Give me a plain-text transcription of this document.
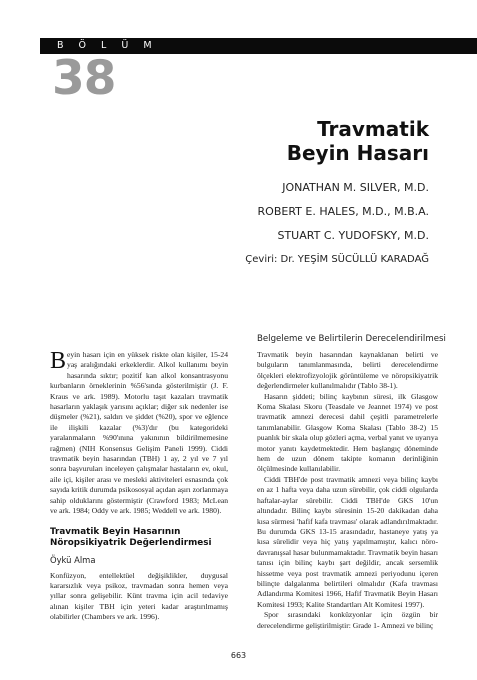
B Ö L Ü M
38
Travmatik
Beyin Hasarı
JONATHAN M. SILVER, M.D.
ROBERT E. HALES, M.D., M.B.A.
STUART C. YUDOFSKY, M.D.
Çeviri: Dr. YEŞİM SÜCÜLLÜ KARADAĞ

Beyin hasarı için en yüksek riskte olan kişiler, 15-24 yaş aralığındaki erkeklerdir. Alkol kullanımı beyin hasarında sıktır; pozitif kan alkol konsantrasyonu kurbanların örneklerinin %56'sında gösterilmiştir (J. F. Kraus ve ark. 1989). Motorlu taşıt kazaları travmatik hasarların yaklaşık yarısını açıklar; diğer sık nedenler ise düşmeler (%21), saldırı ve şiddet (%20), spor ve eğlence ile ilişkili kazalar (%3)'dır (bu kategorideki yaralanmaların %90'ınına yakınının bildirilmemesine rağmen) (NIH Konsensus Gelişim Paneli 1999). Ciddi travmatik beyin hasarından (TBH) 1 ay, 2 yıl ve 7 yıl sonra başvuruları inceleyen çalışmalar hastaların ev, okul, aile içi, kişiler arası ve mesleki aktiviteleri esnasında çok sayıda kritik durumda psikososyal açıdan aşırı zorlanmaya sahip olduklarını göstermiştir (Crawford 1983; McLean ve ark. 1984; Oddy ve ark. 1985; Weddell ve ark. 1980).

Travmatik Beyin Hasarının Nöropsikiyatrik Değerlendirmesi
Öykü Alma

Konfüzyon, entellektüel değişiklikler, duygusal kararsızlık veya psikoz, travmadan sonra hemen veya yıllar sonra gelişebilir. Künt travma için acil tedaviye alınan kişiler TBH için yeteri kadar araştırılmamış olabilirler (Chambers ve ark. 1996).

Belgeleme ve Belirtilerin Derecelendirilmesi

Travmatik beyin hasarından kaynaklanan belirti ve bulguların tanımlanmasında, belirti derecelendirme ölçekleri elektrofizyolojik görüntüleme ve nöropsikiyatrik değerlendirmeler kullanılmalıdır (Tablo 38-1).

Hasarın şiddeti; bilinç kaybının süresi, ilk Glasgow Koma Skalası Skoru (Teasdale ve Jeannet 1974) ve post travmatik amnezi derecesi dahil çeşitli parametrelerle tanımlanabilir. Glasgow Koma Skalası (Tablo 38-2) 15 puanlık bir skala olup gözleri açma, verbal yanıt ve uyarıya motor yanıtı kaydetmektedir. Hem başlangıç döneminde hem de uzun dönem takipte komanın derinliğinin ölçülmesinde kullanılabilir.

Ciddi TBH'de post travmatik amnezi veya bilinç kaybı en az 1 hafta veya daha uzun sürebilir, çok ciddi olgularda haftalar-aylar sürebilir. Ciddi TBH'de GKS 10'un altındadır. Bilinç kaybı süresinin 15-20 dakikadan daha kısa sürmesi 'hafif kafa travması' olarak adlandırılmaktadır. Bu durumda GKS 13-15 arasındadır, hastaneye yatış ya kısa sürelidir veya hiç yatış yapılmamıştır, kalıcı nöro-davranışsal hasar bulunmamaktadır. Travmatik beyin hasarı tanısı için bilinç kaybı şart değildir, ancak sersemlik hissetme veya post travmatik amnezi periyodunu içeren bilinçte dalgalanma belirtileri olmalıdır (Kafa travması Adlandırma Komitesi 1966, Hafif Travmatik Beyin Hasarı Komitesi 1993; Kalite Standartları Alt Komitesi 1997).

Spor sırasındaki konküzyonlar için özgün bir derecelendirme geliştirilmiştir: Grade 1- Amnezi ve bilinç

663
